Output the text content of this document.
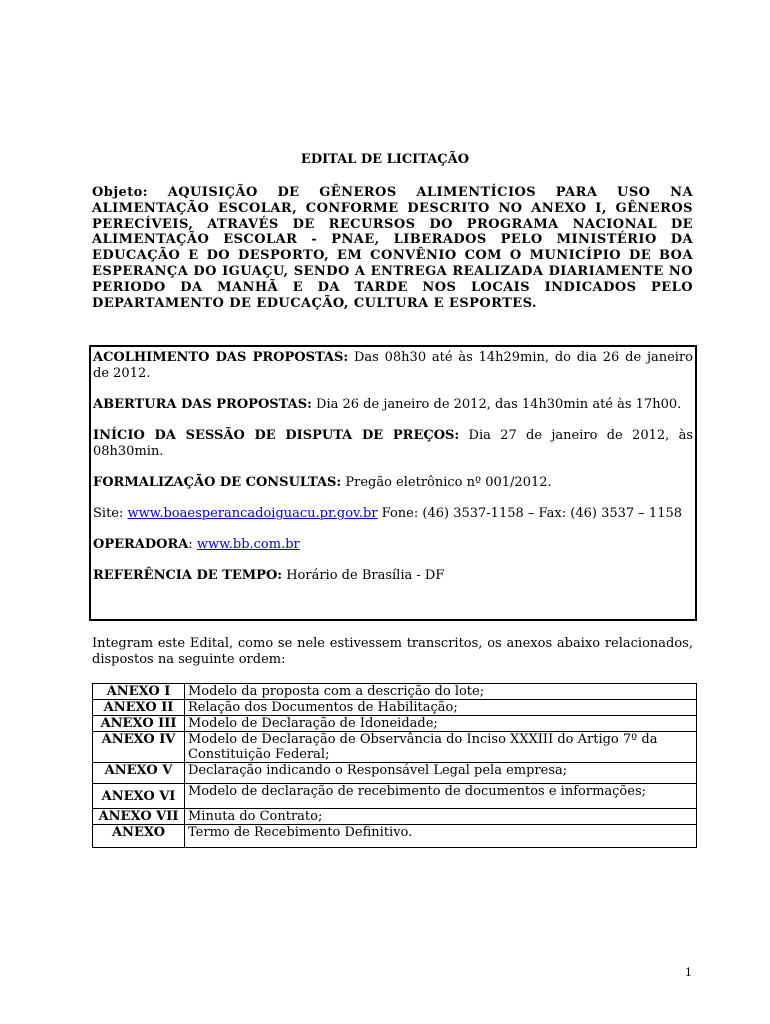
EDITAL DE LICITAÇÃO
Objeto: AQUISIÇÃO DE GÊNEROS ALIMENTÍCIOS PARA USO NA ALIMENTAÇÃO ESCOLAR, CONFORME DESCRITO NO ANEXO I, GÊNEROS PERECÍVEIS, ATRAVÉS DE RECURSOS DO PROGRAMA NACIONAL DE ALIMENTAÇÃO ESCOLAR - PNAE, LIBERADOS PELO MINISTÉRIO DA EDUCAÇÃO E DO DESPORTO, EM CONVÊNIO COM O MUNICÍPIO DE BOA ESPERANÇA DO IGUAÇU, SENDO A ENTREGA REALIZADA DIARIAMENTE NO PERIODO DA MANHÃ E DA TARDE NOS LOCAIS INDICADOS PELO DEPARTAMENTO DE EDUCAÇÃO, CULTURA E ESPORTES.

ACOLHIMENTO DAS PROPOSTAS: Das 08h30 até às 14h29min, do dia 26 de janeiro de 2012.

ABERTURA DAS PROPOSTAS: Dia 26 de janeiro de 2012, das 14h30min até às 17h00.

INÍCIO DA SESSÃO DE DISPUTA DE PREÇOS: Dia 27 de janeiro de 2012, às 08h30min.

FORMALIZAÇÃO DE CONSULTAS: Pregão eletrônico nº 001/2012.

Site: www.boaesperancadoiguacu.pr.gov.br Fone: (46) 3537-1158 – Fax: (46) 3537 – 1158

OPERADORA: www.bb.com.br

REFERÊNCIA DE TEMPO: Horário de Brasília - DF

Integram este Edital, como se nele estivessem transcritos, os anexos abaixo relacionados, dispostos na seguinte ordem:
ANEXO I	Modelo da proposta com a descrição do lote;
ANEXO II	Relação dos Documentos de Habilitação;
ANEXO III	Modelo de Declaração de Idoneidade;
ANEXO IV	Modelo de Declaração de Observância do Inciso XXXIII do Artigo 7º da Constituição Federal;
ANEXO V	Declaração indicando o Responsável Legal pela empresa;
ANEXO VI	Modelo de declaração de recebimento de documentos e informações;
ANEXO VII	Minuta do Contrato;
ANEXO	Termo de Recebimento Definitivo.
1
